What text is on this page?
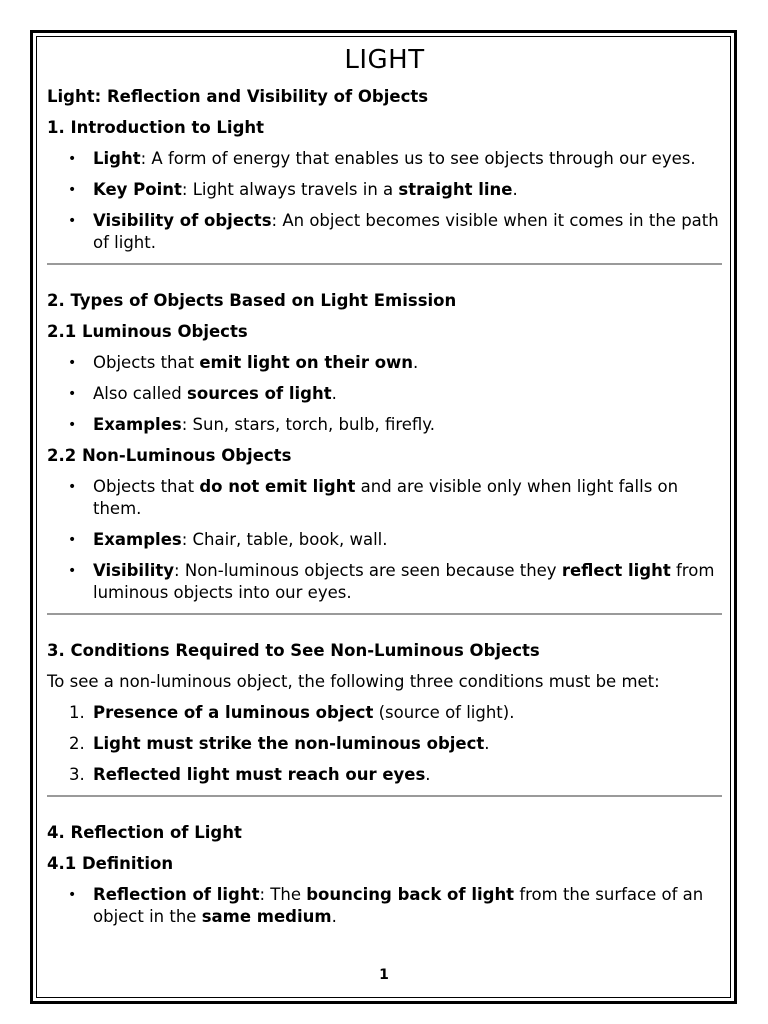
LIGHT
Light: Reflection and Visibility of Objects
1. Introduction to Light
• Light: A form of energy that enables us to see objects through our eyes.
• Key Point: Light always travels in a straight line.
• Visibility of objects: An object becomes visible when it comes in the path of light.
2. Types of Objects Based on Light Emission
2.1 Luminous Objects
• Objects that emit light on their own.
• Also called sources of light.
• Examples: Sun, stars, torch, bulb, firefly.
2.2 Non-Luminous Objects
• Objects that do not emit light and are visible only when light falls on them.
• Examples: Chair, table, book, wall.
• Visibility: Non-luminous objects are seen because they reflect light from luminous objects into our eyes.
3. Conditions Required to See Non-Luminous Objects

To see a non-luminous object, the following three conditions must be met:

1. Presence of a luminous object (source of light).
2. Light must strike the non-luminous object.
3. Reflected light must reach our eyes.
4. Reflection of Light
4.1 Definition
• Reflection of light: The bouncing back of light from the surface of an object in the same medium.
1
